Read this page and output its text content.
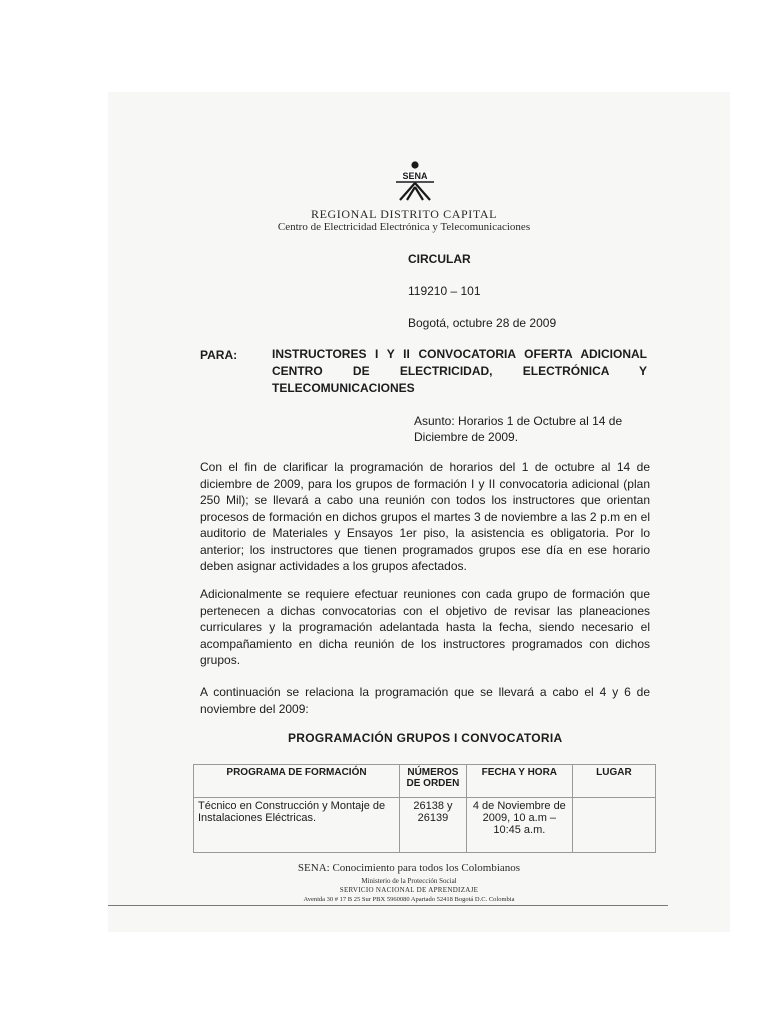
SENA
REGIONAL DISTRITO CAPITAL
Centro de Electricidad Electrónica y Telecomunicaciones
CIRCULAR
119210 – 101
Bogotá, octubre 28 de 2009
PARA:	INSTRUCTORES I Y II CONVOCATORIA OFERTA ADICIONAL CENTRO DE ELECTRICIDAD, ELECTRÓNICA Y TELECOMUNICACIONES
Asunto: Horarios 1 de Octubre al 14 de Diciembre de 2009.
Con el fin de clarificar la programación de horarios del 1 de octubre al 14 de diciembre de 2009, para los grupos de formación I y II convocatoria adicional (plan 250 Mil); se llevará a cabo una reunión con todos los instructores que orientan procesos de formación en dichos grupos el martes 3 de noviembre a las 2 p.m en el auditorio de Materiales y Ensayos 1er piso, la asistencia es obligatoria. Por lo anterior; los instructores que tienen programados grupos ese día en ese horario deben asignar actividades a los grupos afectados.
Adicionalmente se requiere efectuar reuniones con cada grupo de formación que pertenecen a dichas convocatorias con el objetivo de revisar las planeaciones curriculares y la programación adelantada hasta la fecha, siendo necesario el acompañamiento en dicha reunión de los instructores programados con dichos grupos.
A continuación se relaciona la programación que se llevará a cabo el 4 y 6 de noviembre del 2009:
PROGRAMACIÓN GRUPOS I CONVOCATORIA
PROGRAMA DE FORMACIÓN	NÚMEROS DE ORDEN	FECHA Y HORA	LUGAR
Técnico en Construcción y Montaje de Instalaciones Eléctricas.	26138 y 26139	4 de Noviembre de 2009, 10 a.m – 10:45 a.m.	
SENA: Conocimiento para todos los Colombianos
Ministerio de la Protección Social
SERVICIO NACIONAL DE APRENDIZAJE
Avenida 30 # 17 B 25 Sur PBX 5960080 Apartado 52418 Bogotá D.C. Colombia
